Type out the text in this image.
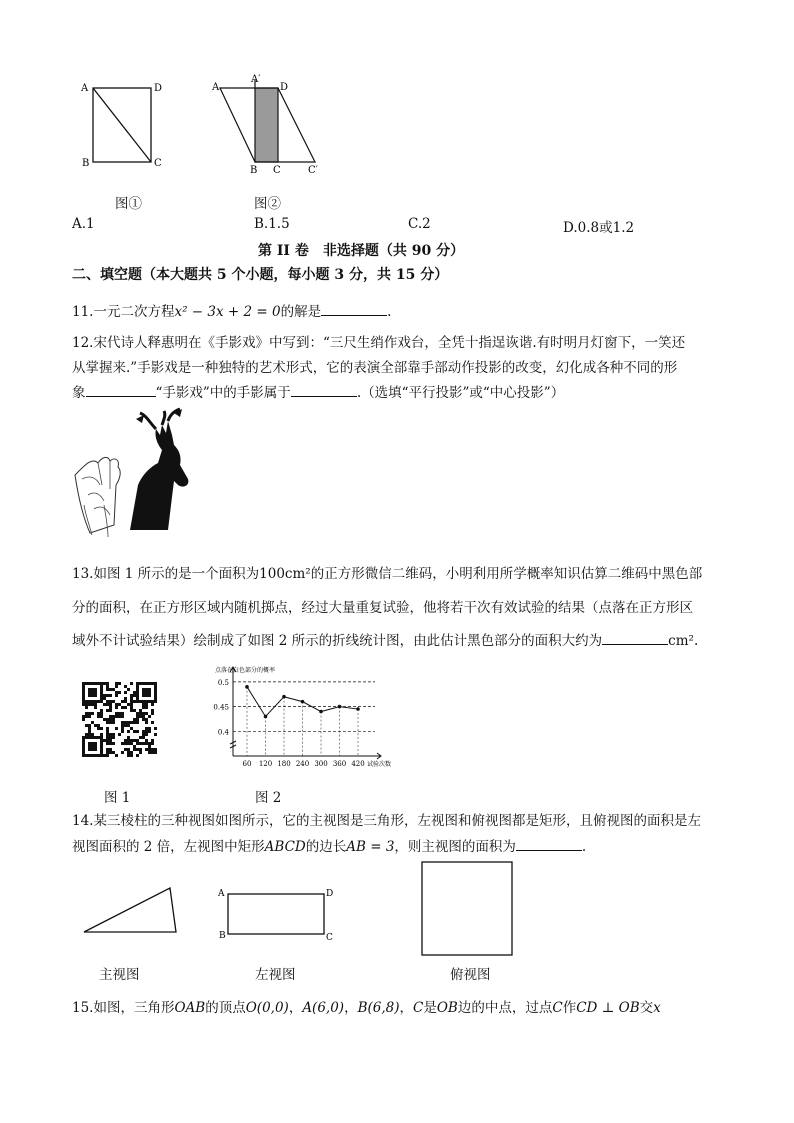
A	D
B	C
图①
A
A′
D
B C	C′
图②
A.1	B.1.5	C.2	D.0.8或1.2
第 II 卷　非选择题（共 90 分）
二、填空题（本大题共 5 个小题，每小题 3 分，共 15 分）
11.一元二次方程x² − 3x + 2 = 0的解是	.
12.宋代诗人释惠明在《手影戏》中写到：“三尺生绡作戏台，全凭十指逞诙谐.有时明月灯窗下，一笑还
从掌握来.”手影戏是一种独特的艺术形式，它的表演全部靠手部动作投影的改变，幻化成各种不同的形
象	“手影戏”中的手影属于	.（选填“平行投影”或“中心投影”）
13.如图 1 所示的是一个面积为100cm²的正方形微信二维码，小明利用所学概率知识估算二维码中黑色部
分的面积，在正方形区域内随机掷点，经过大量重复试验，他将若干次有效试验的结果（点落在正方形区
域外不计试验结果）绘制成了如图 2 所示的折线统计图，由此估计黑色部分的面积大约为	cm².
图 1
0.4
0.45
0.5
60 120 180 240 300 360 420 试验次数
点落在白色部分的概率
图 2
14.某三棱柱的三种视图如图所示，它的主视图是三角形，左视图和俯视图都是矩形，且俯视图的面积是左
视图面积的 2 倍，左视图中矩形ABCD的边长AB = 3，则主视图的面积为	.
A	D
B	C
主视图	左视图	俯视图
15.如图，三角形OAB的顶点O(0,0)，A(6,0)，B(6,8)，C是OB边的中点，过点C作CD ⊥ OB交x
